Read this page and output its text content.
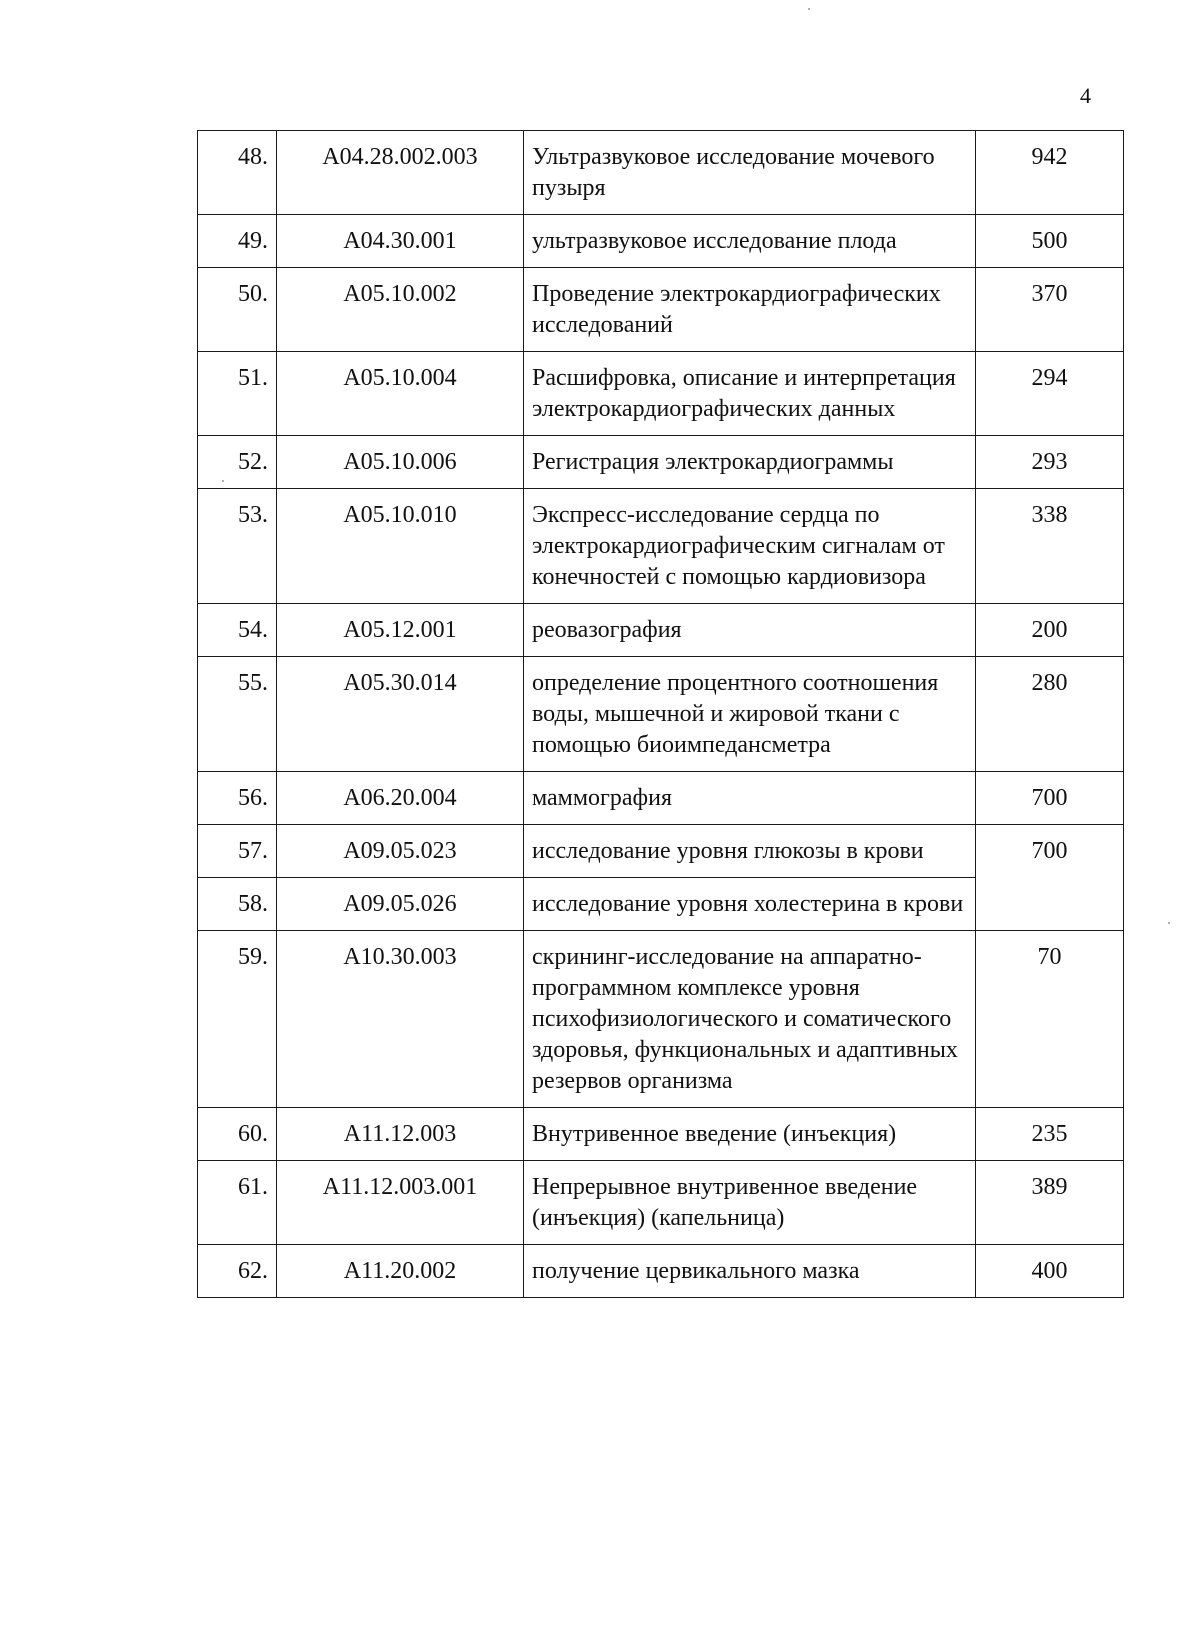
4
48.	А04.28.002.003	Ультразвуковое исследование мочевого пузыря	942
49.	А04.30.001	ультразвуковое исследование плода	500
50.	А05.10.002	Проведение электрокардиографических исследований	370
51.	А05.10.004	Расшифровка, описание и интерпретация электрокардиографических данных	294
52.	А05.10.006	Регистрация электрокардиограммы	293
53.	А05.10.010	Экспресс-исследование сердца по электрокардиографическим сигналам от конечностей с помощью кардиовизора	338
54.	А05.12.001	реовазография	200
55.	А05.30.014	определение процентного соотношения воды, мышечной и жировой ткани с помощью биоимпедансметра	280
56.	А06.20.004	маммография	700
57.	А09.05.023	исследование уровня глюкозы в крови	700
58.	А09.05.026	исследование уровня холестерина в крови	
59.	А10.30.003	скрининг-исследование на аппаратно-программном комплексе уровня психофизиологического и соматического здоровья, функциональных и адаптивных резервов организма	70
60.	А11.12.003	Внутривенное введение (инъекция)	235
61.	А11.12.003.001	Непрерывное внутривенное введение (инъекция) (капельница)	389
62.	А11.20.002	получение цервикального мазка	400
